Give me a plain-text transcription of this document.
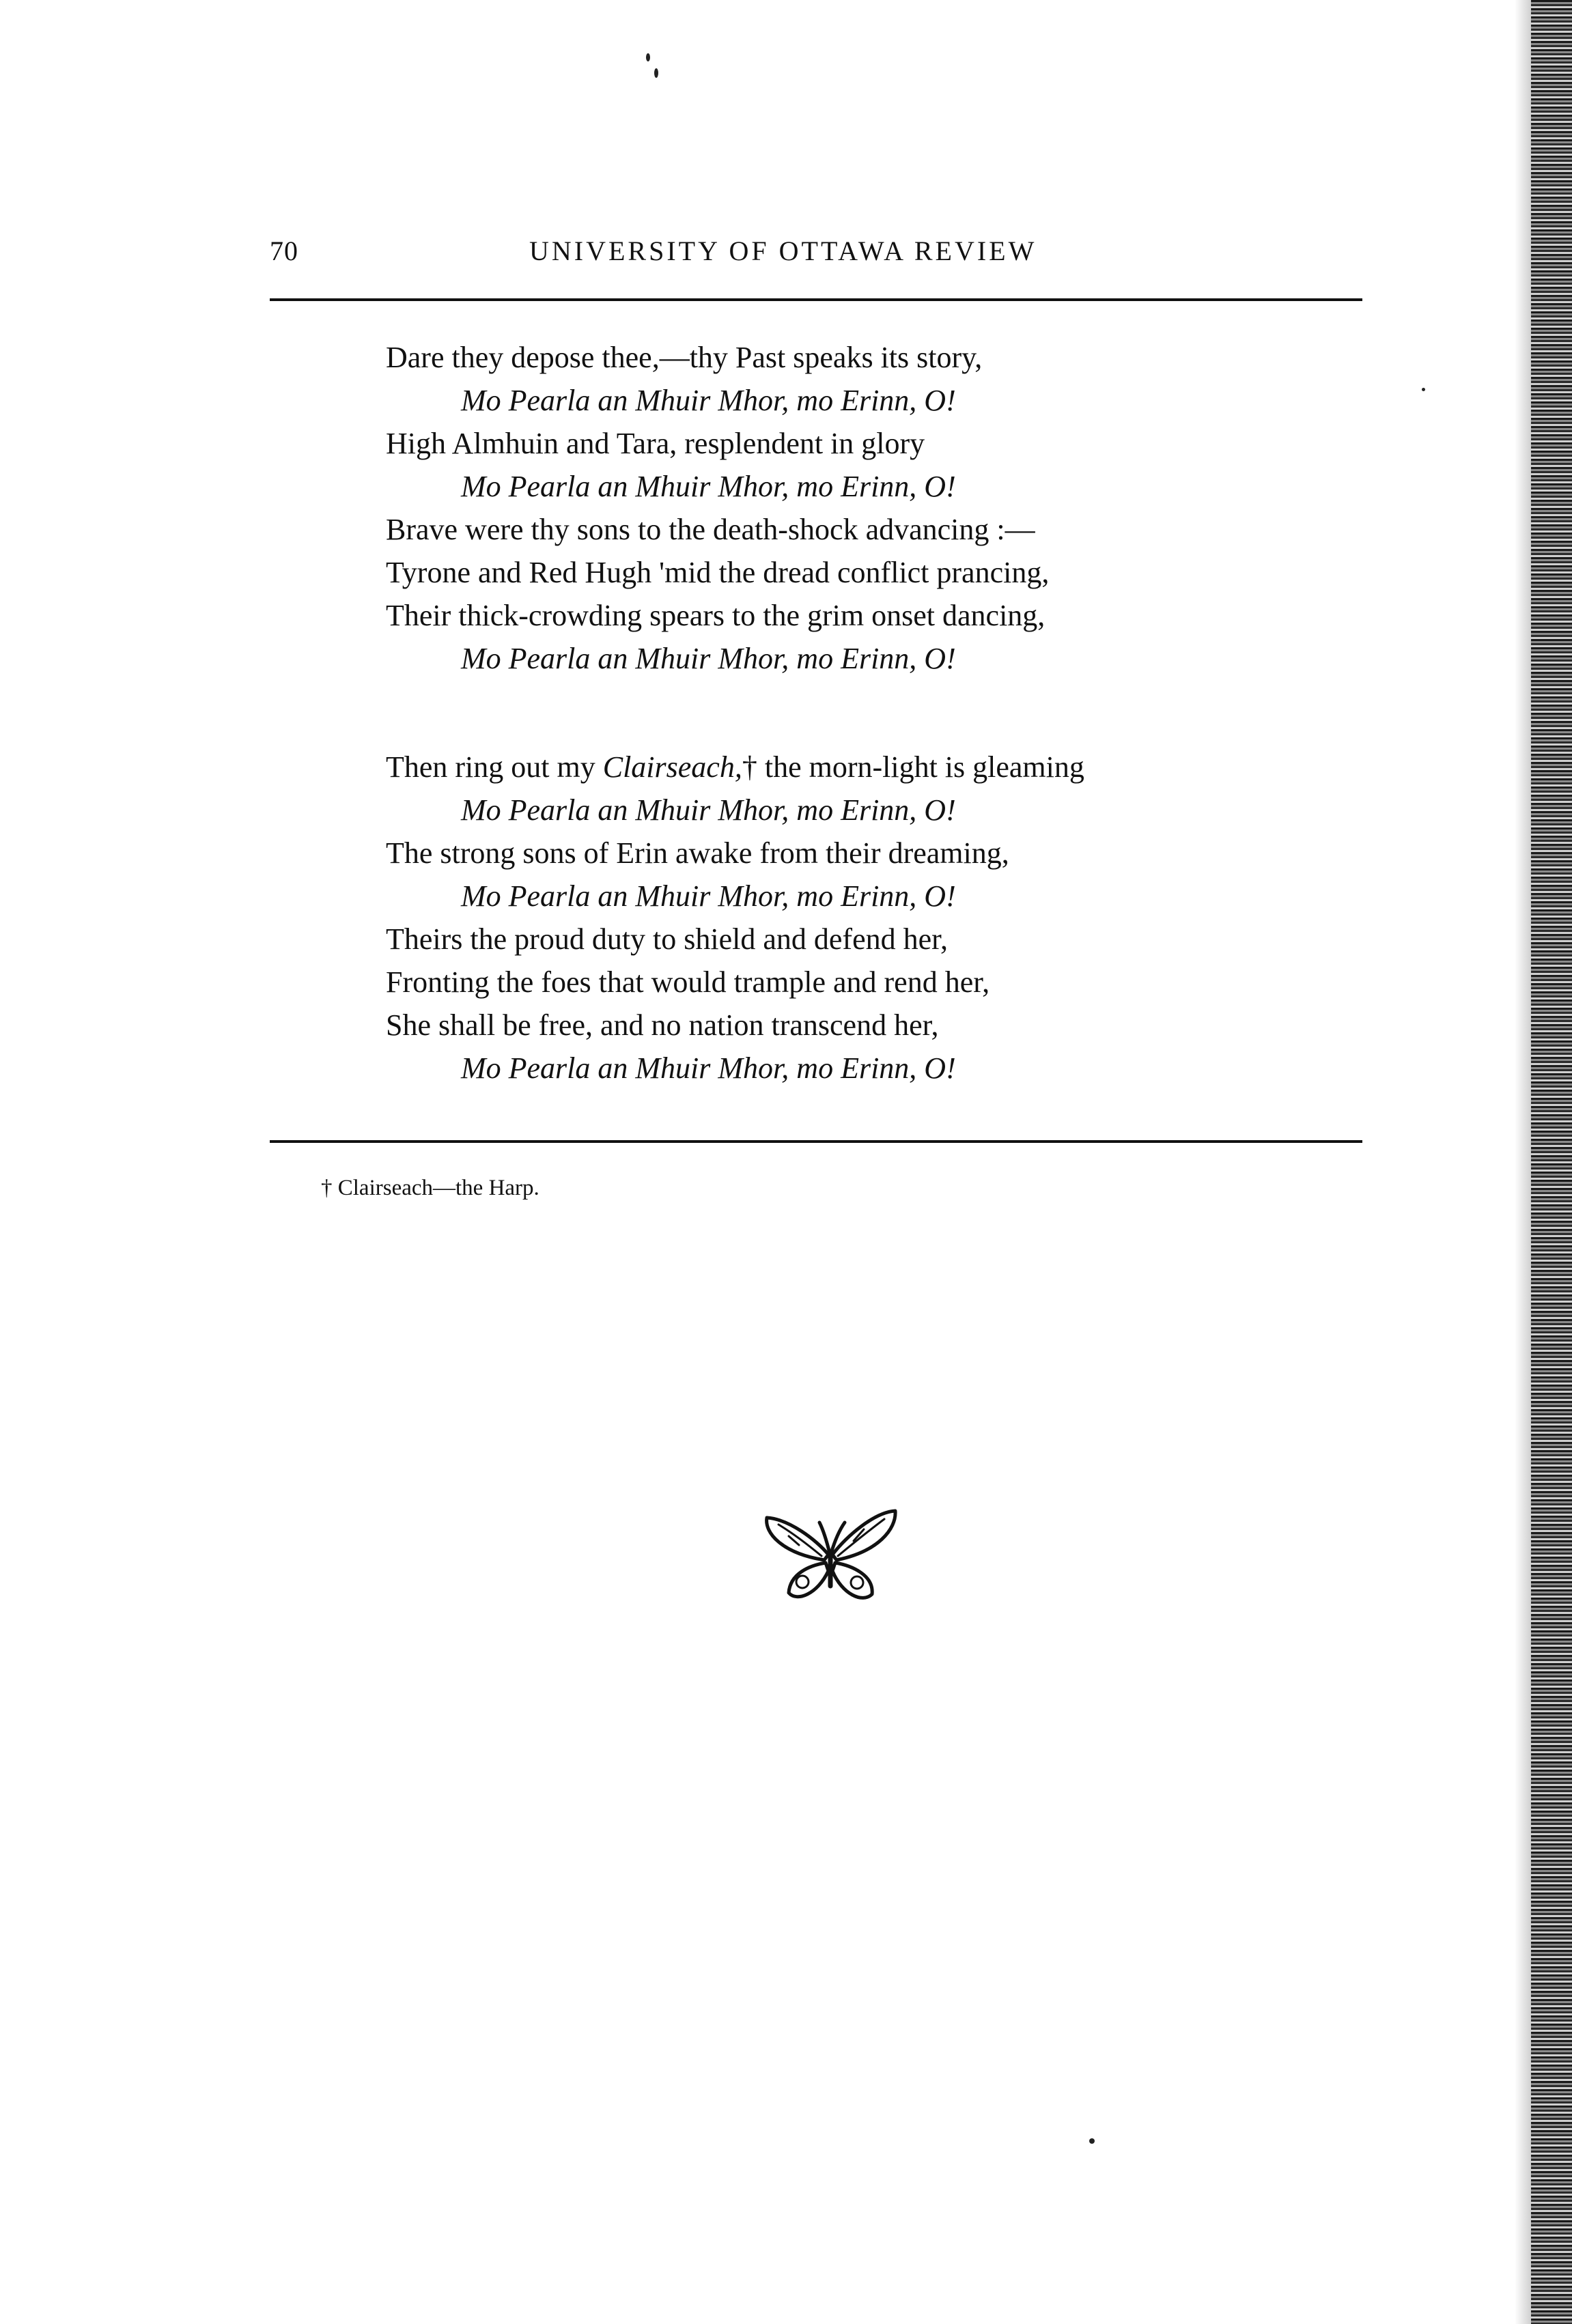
70	UNIVERSITY OF OTTAWA REVIEW
Dare they depose thee,—thy Past speaks its story,
Mo Pearla an Mhuir Mhor, mo Erinn, O!
High Almhuin and Tara, resplendent in glory
Mo Pearla an Mhuir Mhor, mo Erinn, O!
Brave were thy sons to the death-shock advancing :—
Tyrone and Red Hugh 'mid the dread conflict prancing,
Their thick-crowding spears to the grim onset dancing,
Mo Pearla an Mhuir Mhor, mo Erinn, O!
Then ring out my Clairseach,† the morn-light is gleaming
Mo Pearla an Mhuir Mhor, mo Erinn, O!
The strong sons of Erin awake from their dreaming,
Mo Pearla an Mhuir Mhor, mo Erinn, O!
Theirs the proud duty to shield and defend her,
Fronting the foes that would trample and rend her,
She shall be free, and no nation transcend her,
Mo Pearla an Mhuir Mhor, mo Erinn, O!
† Clairseach—the Harp.
